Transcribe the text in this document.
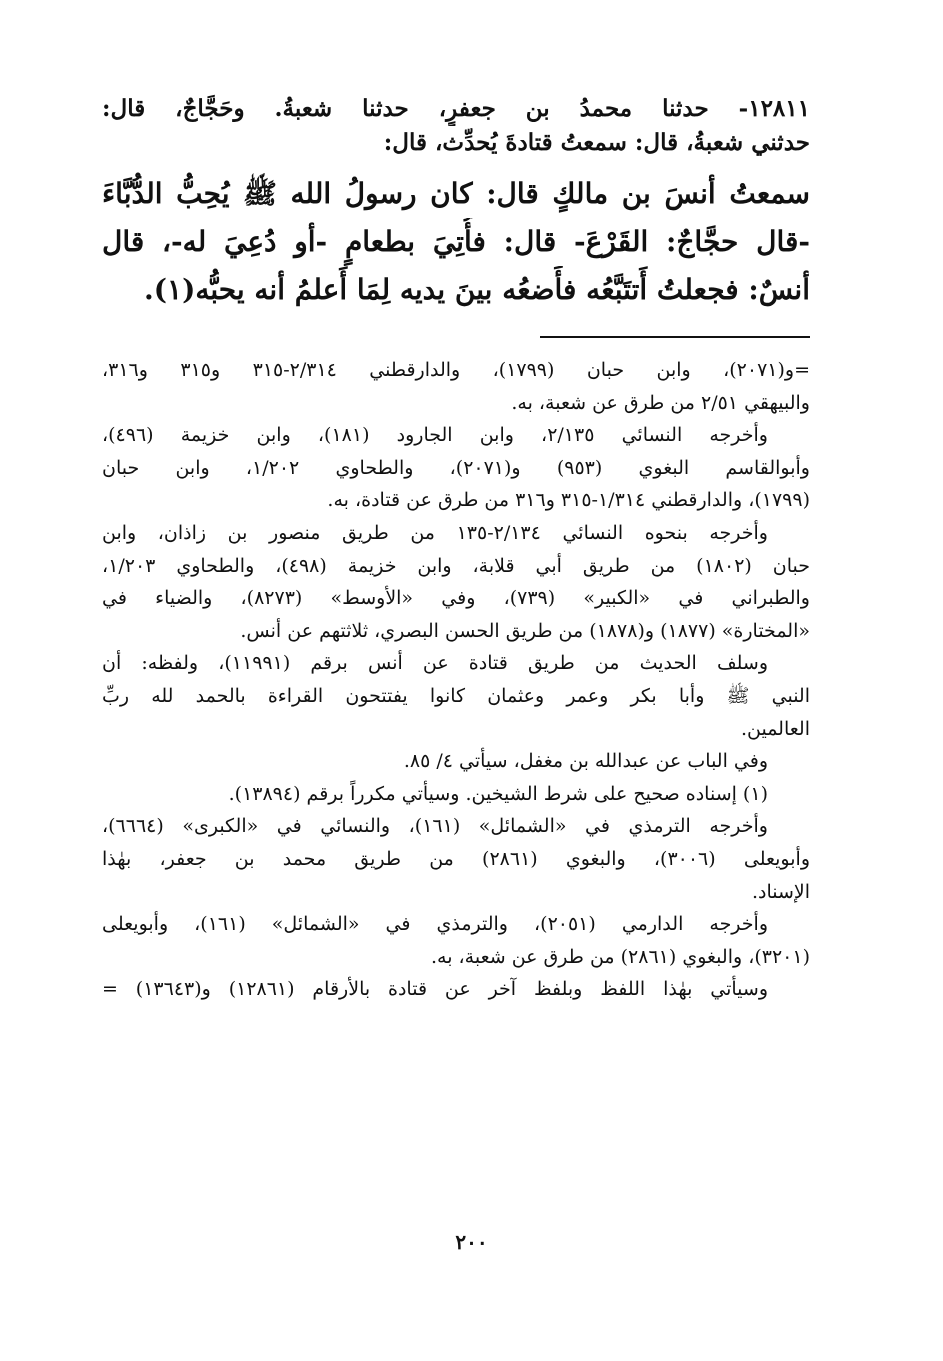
١٢٨١١- حدثنا محمدُ بن جعفرٍ، حدثنا شعبةُ. وحَجَّاجٌ، قال:
حدثني شعبةُ، قال: سمعتُ قتادةَ يُحدِّث، قال:
سمعتُ أنسَ بن مالكٍ قال: كان رسولُ الله ﷺ يُحِبُّ الدُّبَّاءَ
-قال حجَّاجٌ: القَرْعَ- قال: فأُتِيَ بطعامٍ -أو دُعِيَ له-، قال
أنسٌ: فجعلتُ أَتتَبَّعُه فأَضعُه بينَ يديه لِمَا أَعلمُ أنه يحبُّه(١).
=و(٢٠٧١)، وابن حبان (١٧٩٩)، والدارقطني ٢/٣١٤-٣١٥ و٣١٥ و٣١٦،
والبيهقي ٢/٥١ من طرق عن شعبة، به.
وأخرجه النسائي ٢/١٣٥، وابن الجارود (١٨١)، وابن خزيمة (٤٩٦)،
وأبوالقاسم البغوي (٩٥٣) و(٢٠٧١)، والطحاوي ١/٢٠٢، وابن حبان
(١٧٩٩)، والدارقطني ١/٣١٤-٣١٥ و٣١٦ من طرق عن قتادة، به.
وأخرجه بنحوه النسائي ٢/١٣٤-١٣٥ من طريق منصور بن زاذان، وابن
حبان (١٨٠٢) من طريق أبي قلابة، وابن خزيمة (٤٩٨)، والطحاوي ١/٢٠٣،
والطبراني في «الكبير» (٧٣٩)، وفي «الأوسط» (٨٢٧٣)، والضياء في
«المختارة» (١٨٧٧) و(١٨٧٨) من طريق الحسن البصري، ثلاثتهم عن أنس.
وسلف الحديث من طريق قتادة عن أنس برقم (١١٩٩١)، ولفظه: أن
النبي ﷺ وأبا بكر وعمر وعثمان كانوا يفتتحون القراءة بالحمد لله ربِّ
العالمين.
وفي الباب عن عبدالله بن مغفل، سيأتي ٤/ ٨٥.
(١) إسناده صحيح على شرط الشيخين. وسيأتي مكرراً برقم (١٣٨٩٤).
وأخرجه الترمذي في «الشمائل» (١٦١)، والنسائي في «الكبرى» (٦٦٦٤)،
وأبويعلى (٣٠٠٦)، والبغوي (٢٨٦١) من طريق محمد بن جعفر، بهٰذا
الإسناد.
وأخرجه الدارمي (٢٠٥١)، والترمذي في «الشمائل» (١٦١)، وأبويعلى
(٣٢٠١)، والبغوي (٢٨٦١) من طرق عن شعبة، به.
وسيأتي بهٰذا اللفظ وبلفظ آخر عن قتادة بالأرقام (١٢٨٦١) و(١٣٦٤٣) =
٢٠٠
